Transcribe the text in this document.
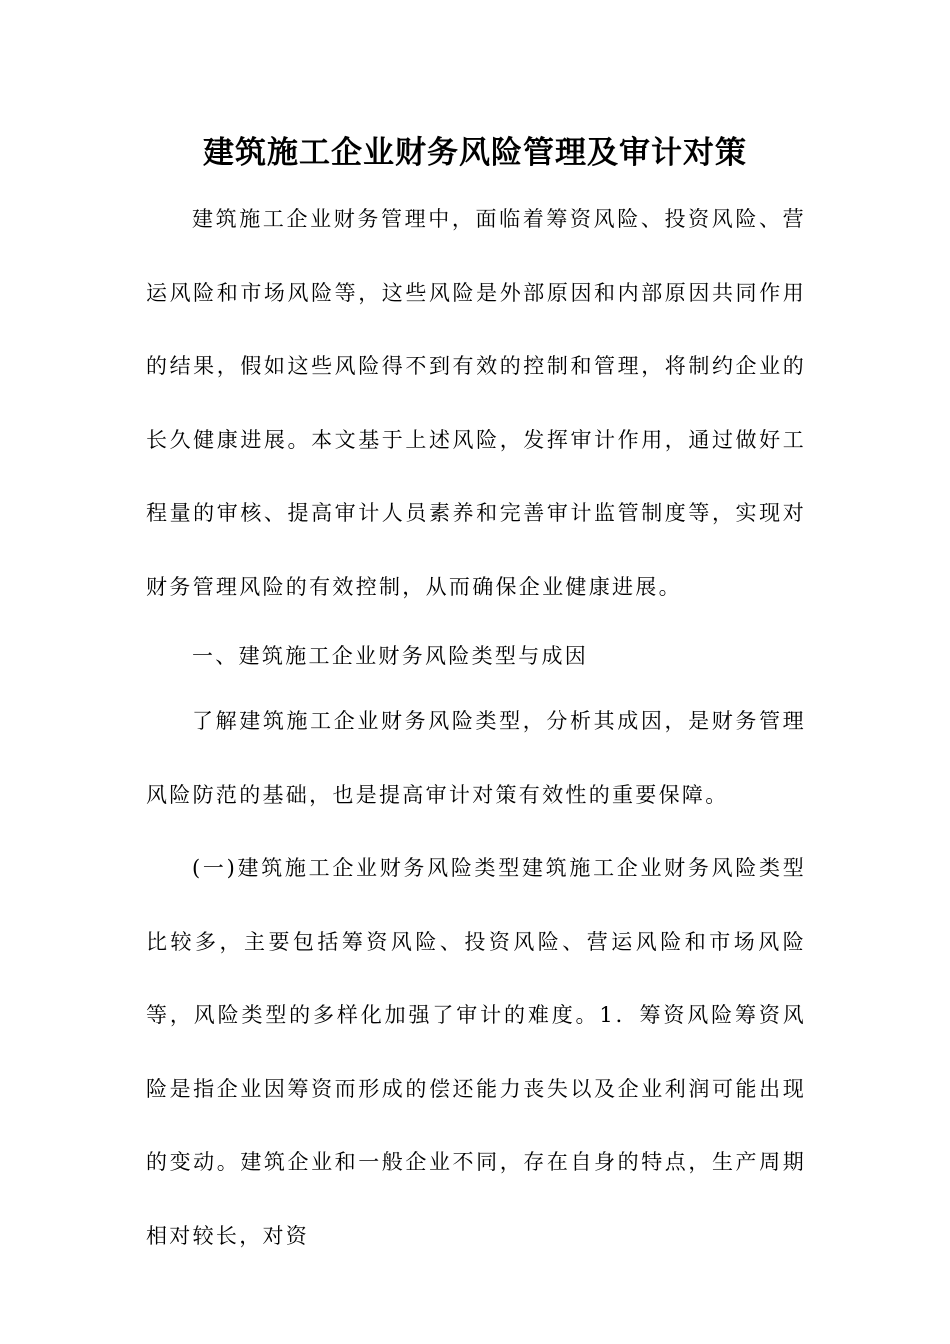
建筑施工企业财务风险管理及审计对策

建筑施工企业财务管理中，面临着筹资风险、投资风险、营运风险和市场风险等，这些风险是外部原因和内部原因共同作用的结果，假如这些风险得不到有效的控制和管理，将制约企业的长久健康进展。本文基于上述风险，发挥审计作用，通过做好工程量的审核、提高审计人员素养和完善审计监管制度等，实现对财务管理风险的有效控制，从而确保企业健康进展。

一、建筑施工企业财务风险类型与成因

了解建筑施工企业财务风险类型，分析其成因，是财务管理风险防范的基础，也是提高审计对策有效性的重要保障。

(一)建筑施工企业财务风险类型建筑施工企业财务风险类型比较多，主要包括筹资风险、投资风险、营运风险和市场风险等，风险类型的多样化加强了审计的难度。1．筹资风险筹资风险是指企业因筹资而形成的偿还能力丧失以及企业利润可能出现的变动。建筑企业和一般企业不同，存在自身的特点，生产周期相对较长，对资
